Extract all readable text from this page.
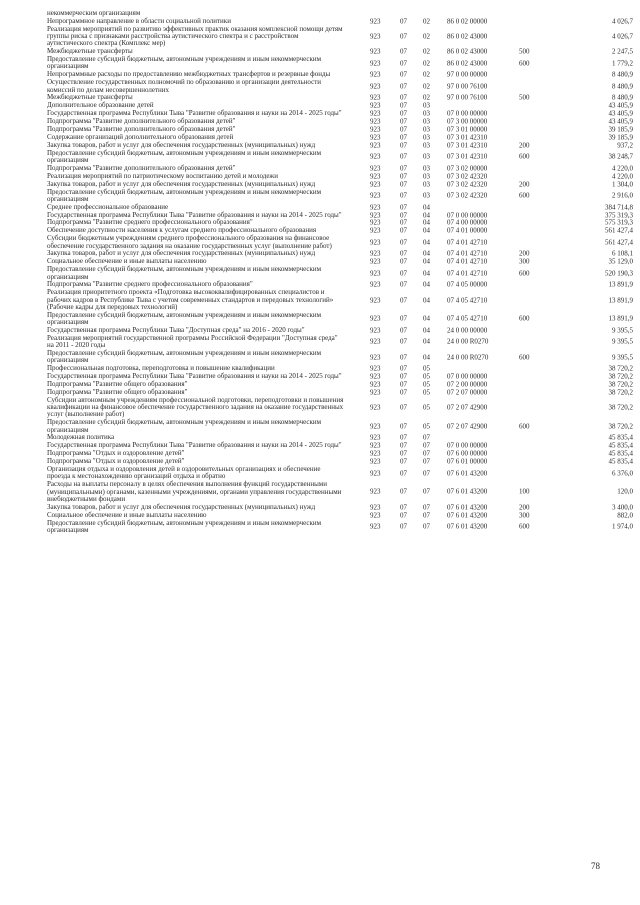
некоммерческим организациям
Непрограммное направление в области социальной политики	923	07 02 86 0 02 00000	4 026,7
Реализация мероприятий по развитию эффективных практик оказания комплексной помощи детям группы риска с признаками расстройства аутистического спектра и с расстройством аутистического спектра (Комплекс мер)
923	07 02 86 0 02 43000	4 026,7
Межбюджетные трансферты	923	07 02 86 0 02 43000	500	2 247,5
Предоставление субсидий бюджетным, автономным учреждениям и иным некоммерческим организациям	923	07 02 86 0 02 43000	600	1 779,2
Непрограммные расходы по предоставлению межбюджетных трансфертов и резервные фонды	923	07 02 97 0 00 00000	8 480,9
Осуществление государственных полномочий по образованию и организации деятельности комиссий по делам несовершеннолетних	923	07 02 97 0 00 76100	8 480,9
Межбюджетные трансферты	923	07 02 97 0 00 76100	500	8 480,9
Дополнительное образование детей	923	07 03	43 405,9
Государственная программа Республики Тыва "Развитие образования и науки на 2014 - 2025 годы"	923	07 03 07 0 00 00000	43 405,9
Подпрограмма "Развитие дополнительного образования детей"	923	07 03 07 3 00 00000	43 405,9
Подпрограмма "Развитие дополнительного образования детей"	923	07 03 07 3 01 00000	39 185,9
Содержание организаций дополнительного образования детей	923	07 03 07 3 01 42310	39 185,9
Закупка товаров, работ и услуг для обеспечения государственных (муниципальных) нужд	923	07 03 07 3 01 42310	200	937,2
Предоставление субсидий бюджетным, автономным учреждениям и иным некоммерческим организациям	923	07 03 07 3 01 42310	600	38 248,7
Подпрограмма "Развитие дополнительного образования детей"	923	07 03 07 3 02 00000	4 220,0
Реализация мероприятий по патриотическому воспитанию детей и молодежи	923	07 03 07 3 02 42320	4 220,0
Закупка товаров, работ и услуг для обеспечения государственных (муниципальных) нужд	923	07 03 07 3 02 42320	200	1 304,0
Предоставление субсидий бюджетным, автономным учреждениям и иным некоммерческим организациям	923	07 03 07 3 02 42320	600	2 916,0
Среднее профессиональное образование	923	07 04	384 714,8
Государственная программа Республики Тыва "Развитие образования и науки на 2014 - 2025 годы"	923	07 04 07 0 00 00000	375 319,3
Подпрограмма "Развитие среднего профессионального образования"	923	07 04 07 4 00 00000	575 319,3
Обеспечение доступности населения к услугам среднего профессионального образования	923	07 04 07 4 01 00000	561 427,4
Субсидии бюджетным учреждениям среднего профессионального образования на финансовое обеспечение государственного задания на оказание государственных услуг (выполнение работ)	923	07 04 07 4 01 42710	561 427,4
Закупка товаров, работ и услуг для обеспечения государственных (муниципальных) нужд	923	07 04 07 4 01 42710	200	6 108,1
Социальное обеспечение и иные выплаты населению	923	07 04 07 4 01 42710	300	35 129,0
Предоставление субсидий бюджетным, автономным учреждениям и иным некоммерческим организациям	923	07 04 07 4 01 42710	600	520 190,3
Подпрограмма "Развитие среднего профессионального образования"	923	07 04 07 4 05 00000	13 891,9
Реализация приоритетного проекта «Подготовка высококвалифицированных специалистов и рабочих кадров в Республике Тыва с учетом современных стандартов и передовых технологий» (Рабочие кадры для передовых технологий)
923	07 04 07 4 05 42710	13 891,9
Предоставление субсидий бюджетным, автономным учреждениям и иным некоммерческим организациям	923	07 04 07 4 05 42710	600	13 891,9
Государственная программа Республики Тыва "Доступная среда" на 2016 - 2020 годы"	923	07 04 24 0 00 00000	9 395,5
Реализация мероприятий государственной программы Российской Федерации "Доступная среда" на 2011 - 2020 годы	923	07 04 24 0 00 R0270	9 395,5
Предоставление субсидий бюджетным, автономным учреждениям и иным некоммерческим организациям	923	07 04 24 0 00 R0270	600	9 395,5
Профессиональная подготовка, переподготовка и повышение квалификации	923	07 05	38 720,2
Государственная программа Республики Тыва "Развитие образования и науки на 2014 - 2025 годы"	923	07 05 07 0 00 00000	38 720,2
Подпрограмма "Развитие общего образования"	923	07 05 07 2 00 00000	38 720,2
Подпрограмма "Развитие общего образования"	923	07 05 07 2 07 00000	38 720,2
Субсидии автономным учреждениям профессиональной подготовки, переподготовки и повышения квалификации на финансовое обеспечение государственного задания на оказание государственных услуг (выполнение работ)
923	07 05 07 2 07 42900	38 720,2
Предоставление субсидий бюджетным, автономным учреждениям и иным некоммерческим организациям	923	07 05 07 2 07 42900	600	38 720,2
Молодежная политика	923	07 07	45 835,4
Государственная программа Республики Тыва "Развитие образования и науки на 2014 - 2025 годы"	923	07 07 07 0 00 00000	45 835,4
Подпрограмма "Отдых и оздоровление детей"	923	07 07 07 6 00 00000	45 835,4
Подпрограмма "Отдых и оздоровление детей"	923	07 07 07 6 01 00000	45 835,4
Организация отдыха и оздоровления детей в оздоровительных организациях и обеспечение проезда к местонахождению организаций отдыха и обратно	923	07 07 07 6 01 43200	6 376,0
Расходы на выплаты персоналу в целях обеспечения выполнения функций государственными (муниципальными) органами, казенными учреждениями, органами управления государственными внебюджетными фондами
923	07 07 07 6 01 43200	100	120,0
Закупка товаров, работ и услуг для обеспечения государственных (муниципальных) нужд	923	07 07 07 6 01 43200	200	3 400,0
Социальное обеспечение и иные выплаты населению	923	07 07 07 6 01 43200	300	882,0
Предоставление субсидий бюджетным, автономным учреждениям и иным некоммерческим организациям	923	07 07 07 6 01 43200	600	1 974,0
78
